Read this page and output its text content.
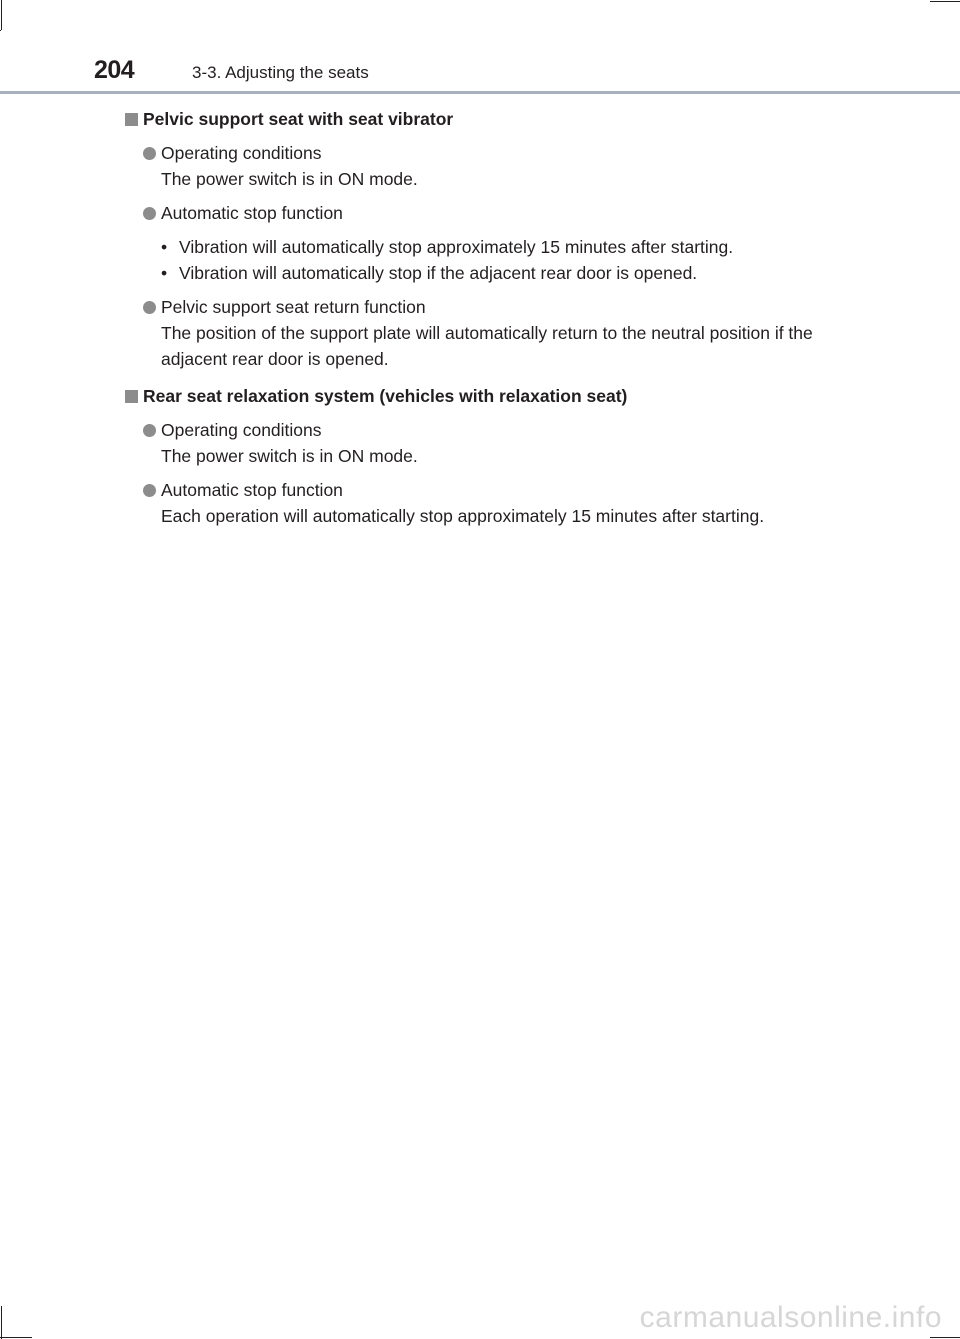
204	3-3. Adjusting the seats
Pelvic support seat with seat vibrator
Operating conditions
The power switch is in ON mode.
Automatic stop function
• Vibration will automatically stop approximately 15 minutes after starting.
• Vibration will automatically stop if the adjacent rear door is opened.
Pelvic support seat return function
The position of the support plate will automatically return to the neutral position if the adjacent rear door is opened.
Rear seat relaxation system (vehicles with relaxation seat)
Operating conditions
The power switch is in ON mode.
Automatic stop function
Each operation will automatically stop approximately 15 minutes after starting.
carmanualsonline.info
